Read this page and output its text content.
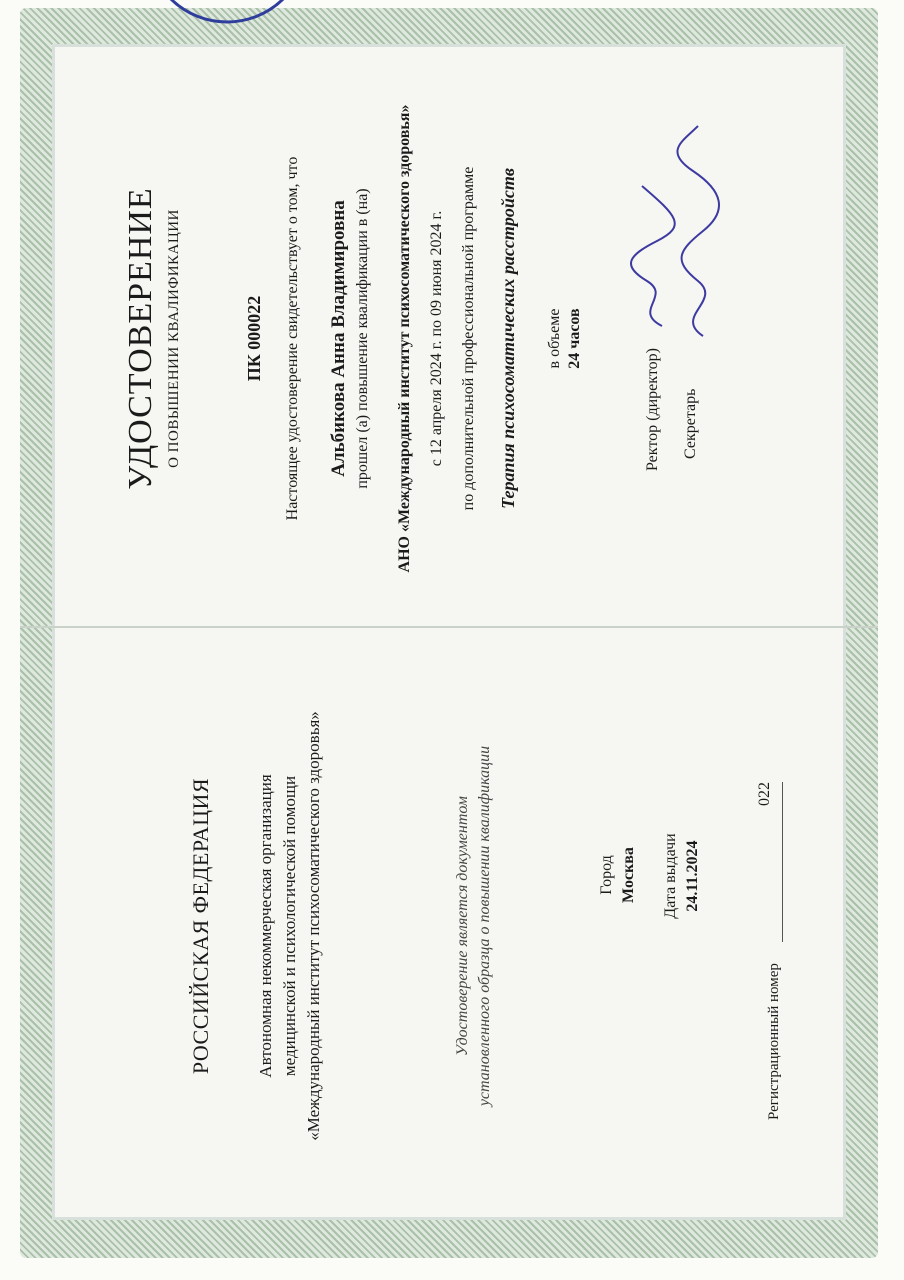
РОССИЙСКАЯ ФЕДЕРАЦИЯ	Автономная некоммерческая организация медицинской и психологической помощи «Международный институт психосоматического здоровья»	Удостоверение является документом установленного образца о повышении квалификации	Город Москва Дата выдачи 24.11.2024
Регистрационный номер
022
УДОСТОВЕРЕНИЕ О ПОВЫШЕНИИ КВАЛИФИКАЦИИ	ПК 000022 Настоящее удостоверение свидетельствует о том, что Альбикова Анна Владимировна прошел (а) повышение квалификации в (на) АНО «Международный институт психосоматического здоровья» с 12 апреля 2024 г. по 09 июня 2024 г. по дополнительной профессиональной программе Терапия психосоматических расстройств в объеме 24 часов
Ректор (директор) Секретарь
